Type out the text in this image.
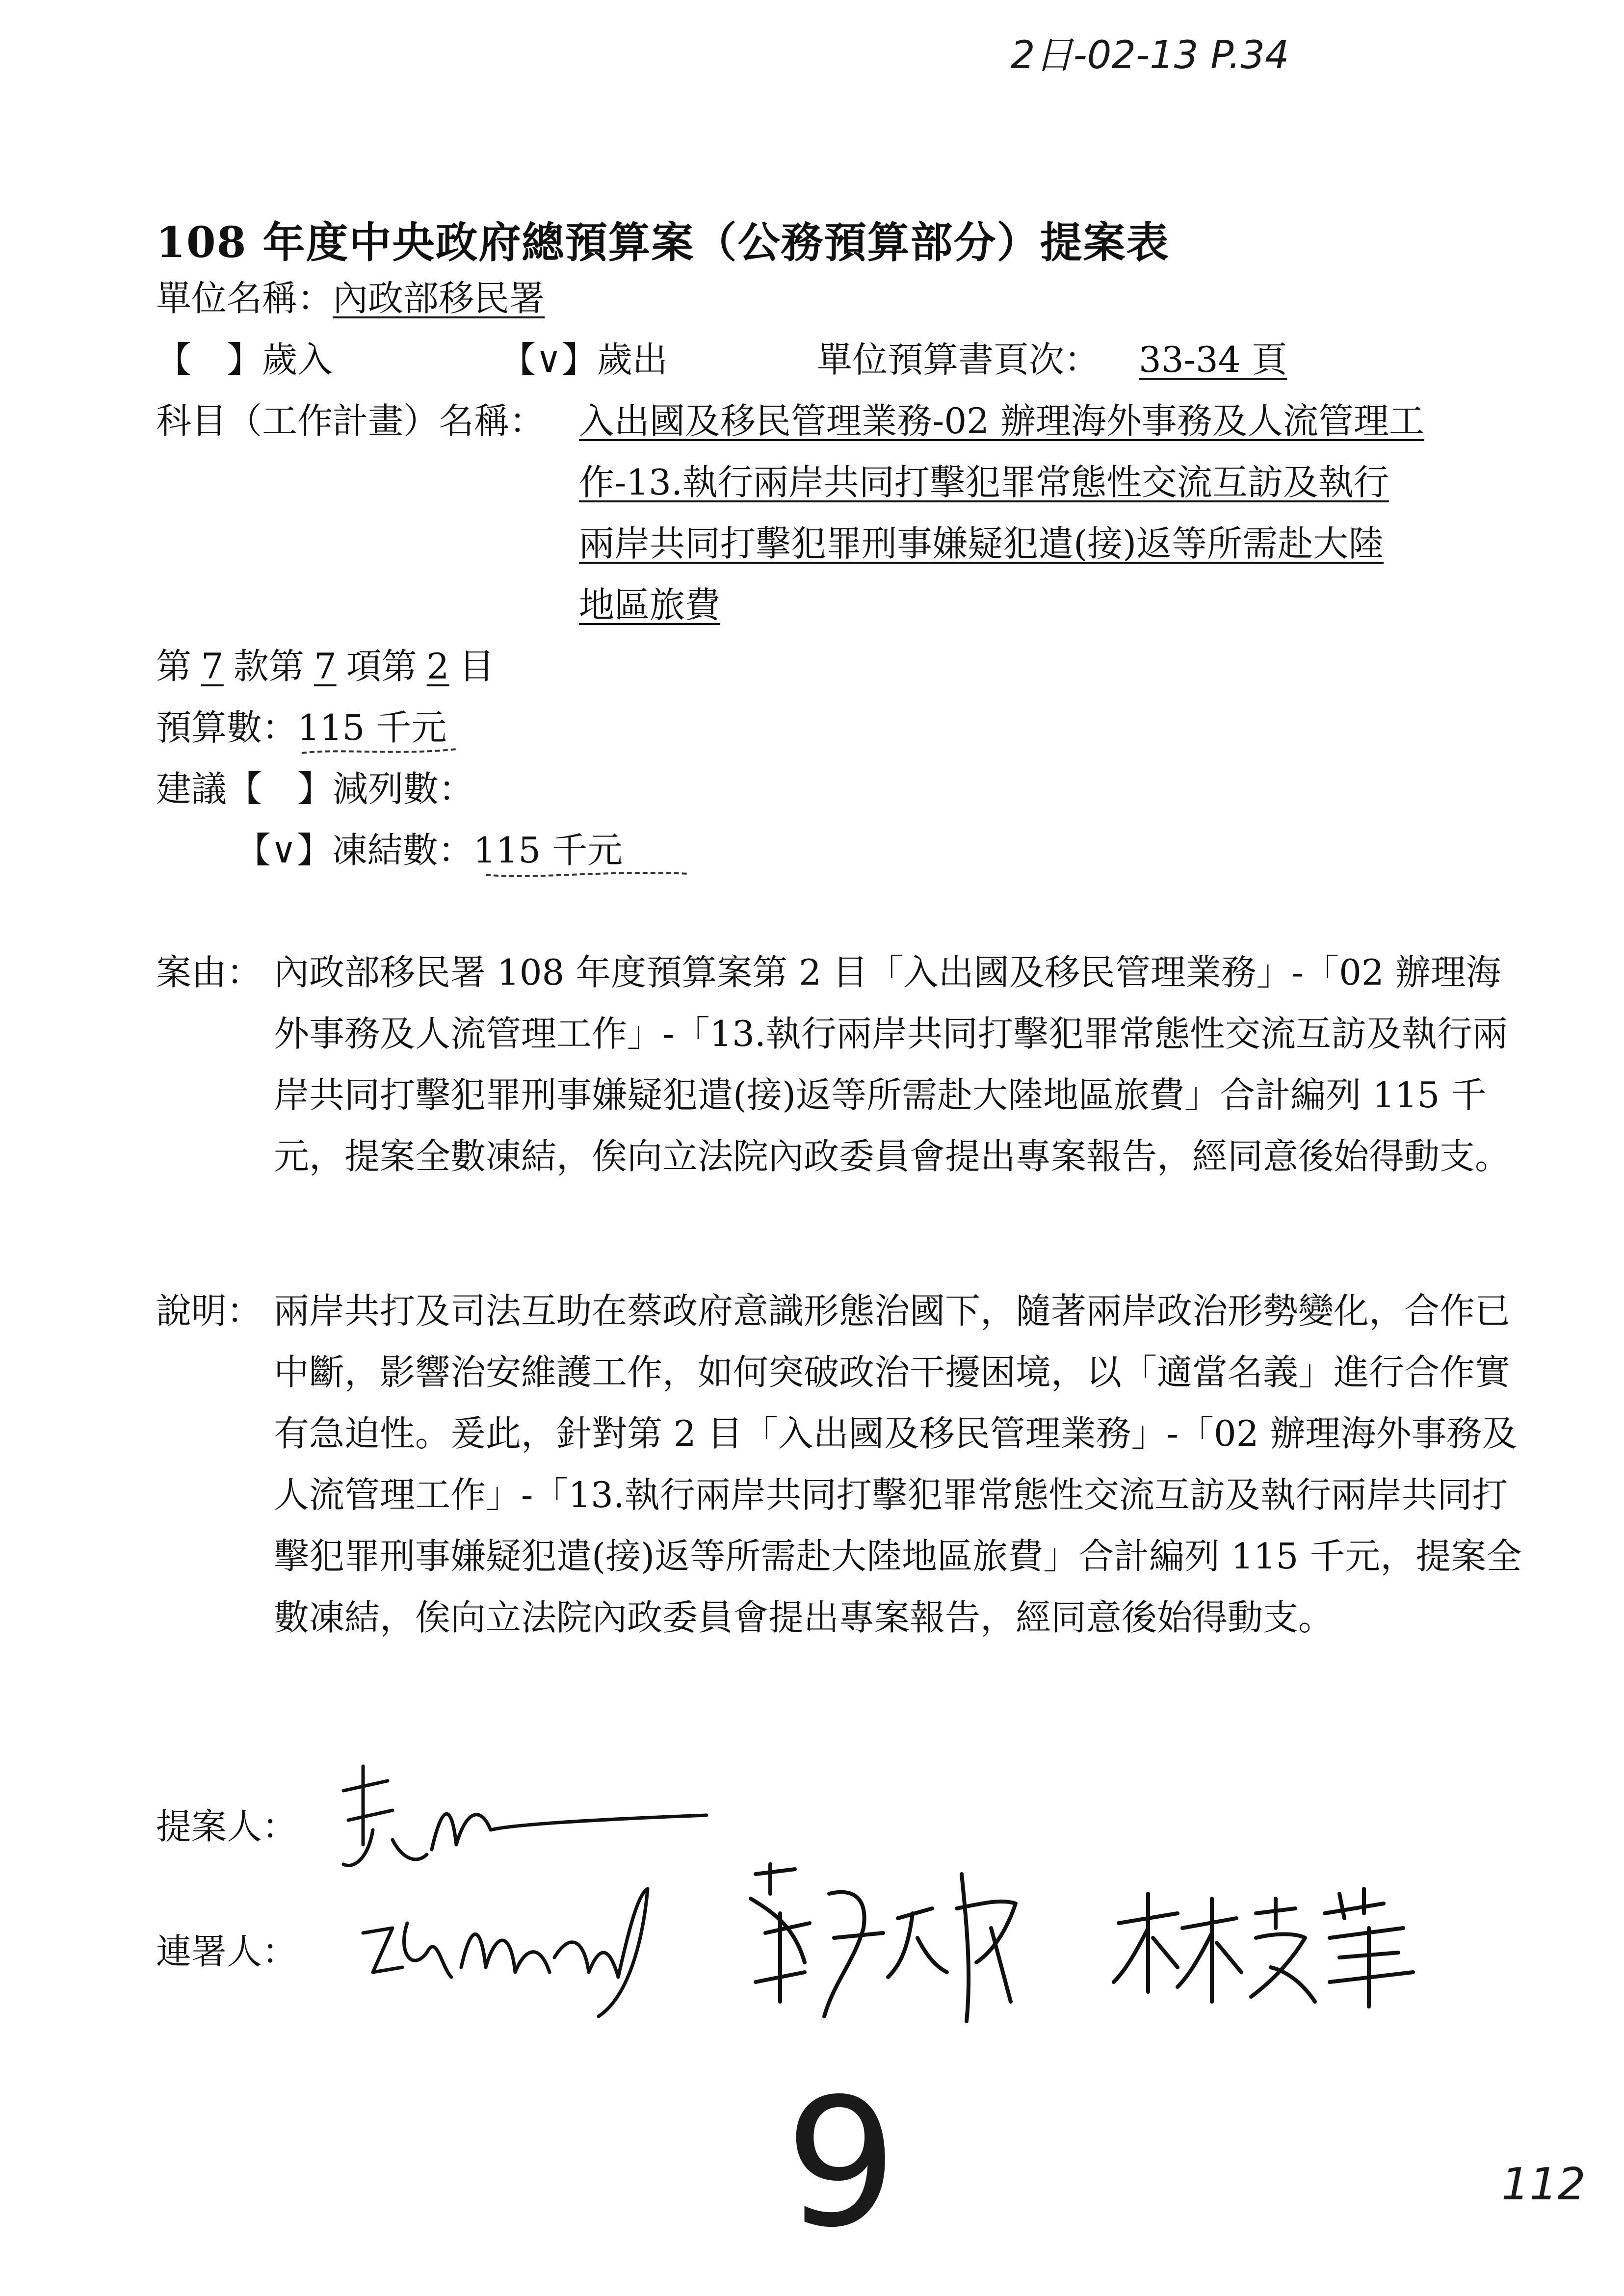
2日-02-13 P.34
108 年度中央政府總預算案（公務預算部分）提案表
單位名稱：內政部移民署
【　】歲入	【∨】歲出	單位預算書頁次： 33-34 頁
科目（工作計畫）名稱： 入出國及移民管理業務-02 辦理海外事務及人流管理工
作-13.執行兩岸共同打擊犯罪常態性交流互訪及執行
兩岸共同打擊犯罪刑事嫌疑犯遣(接)返等所需赴大陸
地區旅費
第 7 款第 7 項第 2 目
預算數：115 千元
建議【　】減列數：
【∨】凍結數：115 千元
案由： 內政部移民署 108 年度預算案第 2 目「入出國及移民管理業務」-「02 辦理海外事務及人流管理工作」-「13.執行兩岸共同打擊犯罪常態性交流互訪及執行兩岸共同打擊犯罪刑事嫌疑犯遣(接)返等所需赴大陸地區旅費」合計編列 115 千元，提案全數凍結，俟向立法院內政委員會提出專案報告，經同意後始得動支。
說明： 兩岸共打及司法互助在蔡政府意識形態治國下，隨著兩岸政治形勢變化，合作已中斷，影響治安維護工作，如何突破政治干擾困境，以「適當名義」進行合作實有急迫性。爰此，針對第 2 目「入出國及移民管理業務」-「02 辦理海外事務及人流管理工作」-「13.執行兩岸共同打擊犯罪常態性交流互訪及執行兩岸共同打擊犯罪刑事嫌疑犯遣(接)返等所需赴大陸地區旅費」合計編列 115 千元，提案全數凍結，俟向立法院內政委員會提出專案報告，經同意後始得動支。
提案人：
連署人：
9	112
